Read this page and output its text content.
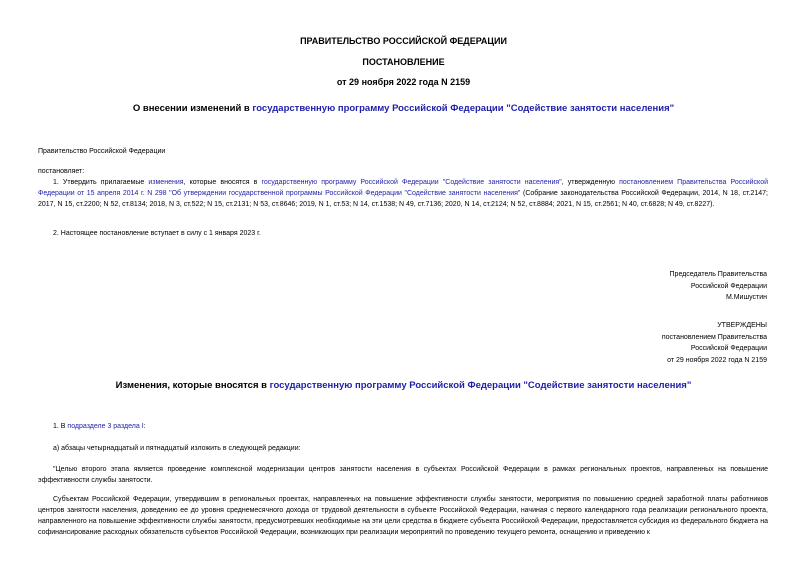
ПРАВИТЕЛЬСТВО РОССИЙСКОЙ ФЕДЕРАЦИИ
ПОСТАНОВЛЕНИЕ
от 29 ноября 2022 года N 2159
О внесении изменений в государственную программу Российской Федерации "Содействие занятости населения"
Правительство Российской Федерации
постановляет:
1. Утвердить прилагаемые изменения, которые вносятся в государственную программу Российской Федерации "Содействие занятости населения", утвержденную постановлением Правительства Российской Федерации от 15 апреля 2014 г. N 298 "Об утверждении государственной программы Российской Федерации "Содействие занятости населения" (Собрание законодательства Российской Федерации, 2014, N 18, ст.2147; 2017, N 15, ст.2200; N 52, ст.8134; 2018, N 3, ст.522; N 15, ст.2131; N 53, ст.8646; 2019, N 1, ст.53; N 14, ст.1538; N 49, ст.7136; 2020, N 14, ст.2124; N 52, ст.8884; 2021, N 15, ст.2561; N 40, ст.6828; N 49, ст.8227).
2. Настоящее постановление вступает в силу с 1 января 2023 г.
Председатель Правительства
Российской Федерации
М.Мишустин
УТВЕРЖДЕНЫ
постановлением Правительства
Российской Федерации
от 29 ноября 2022 года N 2159
Изменения, которые вносятся в государственную программу Российской Федерации "Содействие занятости населения"
1. В подразделе 3 раздела I:
а) абзацы четырнадцатый и пятнадцатый изложить в следующей редакции:
"Целью второго этапа является проведение комплексной модернизации центров занятости населения в субъектах Российской Федерации в рамках региональных проектов, направленных на повышение эффективности службы занятости.
Субъектам Российской Федерации, утвердившим в региональных проектах, направленных на повышение эффективности службы занятости, мероприятия по повышению средней заработной платы работников центров занятости населения, доведению ее до уровня среднемесячного дохода от трудовой деятельности в субъекте Российской Федерации, начиная с первого календарного года реализации регионального проекта, направленного на повышение эффективности службы занятости, предусмотревших необходимые на эти цели средства в бюджете субъекта Российской Федерации, предоставляется субсидия из федерального бюджета на софинансирование расходных обязательств субъектов Российской Федерации, возникающих при реализации мероприятий по проведению текущего ремонта, оснащению и приведению к
